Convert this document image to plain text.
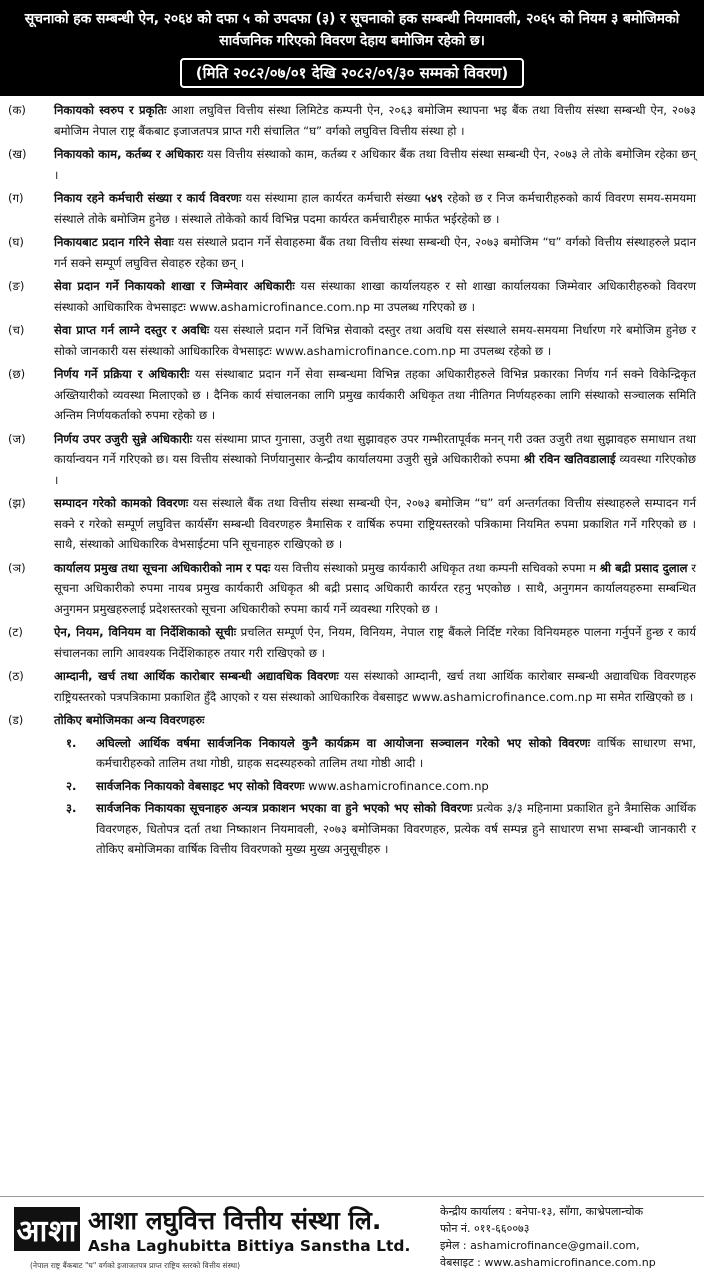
सूचनाको हक सम्बन्धी ऐन, २०६४ को दफा ५ को उपदफा (३) र सूचनाको हक सम्बन्धी नियमावली, २०६५ को नियम ३ बमोजिमको सार्वजनिक गरिएको विवरण देहाय बमोजिम रहेको छ।
(मिति २०८२/०७/०१ देखि २०८२/०९/३० सम्मको विवरण)
(क)	निकायको स्वरुप र प्रकृतिः आशा लघुवित्त वित्तीय संस्था लिमिटेड कम्पनी ऐन, २०६३ बमोजिम स्थापना भइ बैंक तथा वित्तीय संस्था सम्बन्धी ऐन, २०७३ बमोजिम नेपाल राष्ट्र बैंकबाट इजाजतपत्र प्राप्त गरी संचालित “घ” वर्गको लघुवित्त वित्तीय संस्था हो ।
(ख)	निकायको काम, कर्तब्य र अधिकारः यस वित्तीय संस्थाको काम, कर्तब्य र अधिकार बैंक तथा वित्तीय संस्था सम्बन्धी ऐन, २०७३ ले तोके बमोजिम रहेका छन् ।
(ग)	निकाय रहने कर्मचारी संख्या र कार्य विवरणः यस संस्थामा हाल कार्यरत कर्मचारी संख्या ५४९ रहेको छ र निज कर्मचारीहरुको कार्य विवरण समय-समयमा संस्थाले तोके बमोजिम हुनेछ । संस्थाले तोकेको कार्य विभिन्न पदमा कार्यरत कर्मचारीहरु मार्फत भईरहेको छ ।
(घ)	निकायबाट प्रदान गरिने सेवाः यस संस्थाले प्रदान गर्ने सेवाहरुमा बैंक तथा वित्तीय संस्था सम्बन्धी ऐन, २०७३ बमोजिम “घ” वर्गको वित्तीय संस्थाहरुले प्रदान गर्न सक्ने सम्पूर्ण लघुवित्त सेवाहरु रहेका छन् ।
(ङ)	सेवा प्रदान गर्ने निकायको शाखा र जिम्मेवार अधिकारीः यस संस्थाका शाखा कार्यालयहरु र सो शाखा कार्यालयका जिम्मेवार अधिकारीहरुको विवरण संस्थाको आधिकारिक वेभसाइटः www.ashamicrofinance.com.np मा उपलब्ध गरिएको छ ।
(च)	सेवा प्राप्त गर्न लाग्ने दस्तुर र अवधिः यस संस्थाले प्रदान गर्ने विभिन्न सेवाको दस्तुर तथा अवधि यस संस्थाले समय-समयमा निर्धारण गरे बमोजिम हुनेछ र सोको जानकारी यस संस्थाको आधिकारिक वेभसाइटः www.ashamicrofinance.com.np मा उपलब्ध रहेको छ ।
(छ)	निर्णय गर्ने प्रक्रिया र अधिकारीः यस संस्थाबाट प्रदान गर्ने सेवा सम्बन्धमा विभिन्न तहका अधिकारीहरुले विभिन्न प्रकारका निर्णय गर्न सक्ने विकेन्द्रिकृत अख्तियारीको व्यवस्था मिलाएको छ । दैनिक कार्य संचालनका लागि प्रमुख कार्यकारी अधिकृत तथा नीतिगत निर्णयहरुका लागि संस्थाको सञ्चालक समिति अन्तिम निर्णयकर्ताको रुपमा रहेको छ ।
(ज)	निर्णय उपर उजुरी सुन्ने अधिकारीः यस संस्थामा प्राप्त गुनासा, उजुरी तथा सुझावहरु उपर गम्भीरतापूर्वक मनन् गरी उक्त उजुरी तथा सुझावहरु समाधान तथा कार्यान्वयन गर्ने गरिएको छ। यस वित्तीय संस्थाको निर्णयानुसार केन्द्रीय कार्यालयमा उजुरी सुन्ने अधिकारीको रुपमा श्री रविन खतिवडालाई व्यवस्था गरिएकोछ ।
(झ)	सम्पादन गरेको कामको विवरणः यस संस्थाले बैंक तथा वित्तीय संस्था सम्बन्धी ऐन, २०७३ बमोजिम “घ” वर्ग अन्तर्गतका वित्तीय संस्थाहरुले सम्पादन गर्न सक्ने र गरेको सम्पूर्ण लघुवित्त कार्यसँग सम्बन्धी विवरणहरु त्रैमासिक र वार्षिक रुपमा राष्ट्रियस्तरको पत्रिकामा नियमित रुपमा प्रकाशित गर्ने गरिएको छ । साथै, संस्थाको आधिकारिक वेभसाईटमा पनि सूचनाहरु राखिएको छ ।
(ञ)	कार्यालय प्रमुख तथा सूचना अधिकारीको नाम र पदः यस वित्तीय संस्थाको प्रमुख कार्यकारी अधिकृत तथा कम्पनी सचिवको रुपमा म श्री बद्री प्रसाद दुलाल र सूचना अधिकारीको रुपमा नायब प्रमुख कार्यकारी अधिकृत श्री बद्री प्रसाद अधिकारी कार्यरत रहनु भएकोछ । साथै, अनुगमन कार्यालयहरुमा सम्बन्धित अनुगमन प्रमुखहरुलाई प्रदेशस्तरको सूचना अधिकारीको रुपमा कार्य गर्ने व्यवस्था गरिएको छ ।
(ट)	ऐन, नियम, विनियम वा निर्देशिकाको सूचीः प्रचलित सम्पूर्ण ऐन, नियम, विनियम, नेपाल राष्ट्र बैंकले निर्दिष्ट गरेका विनियमहरु पालना गर्नुपर्ने हुन्छ र कार्य संचालनका लागि आवश्यक निर्देशिकाहरु तयार गरी राखिएको छ ।
(ठ)	आम्दानी, खर्च तथा आर्थिक कारोबार सम्बन्धी अद्यावधिक विवरणः यस संस्थाको आम्दानी, खर्च तथा आर्थिक कारोबार सम्बन्धी अद्यावधिक विवरणहरु राष्ट्रियस्तरको पत्रपत्रिकामा प्रकाशित हुँदै आएको र यस संस्थाको आधिकारिक वेबसाइट www.ashamicrofinance.com.np मा समेत राखिएको छ ।
(ड)	तोकिए बमोजिमका अन्य विवरणहरुः
१.	अघिल्लो आर्थिक वर्षमा सार्वजनिक निकायले कुनै कार्यक्रम वा आयोजना सञ्चालन गरेको भए सोको विवरणः वार्षिक साधारण सभा, कर्मचारीहरुको तालिम तथा गोष्ठी, ग्राहक सदस्यहरुको तालिम तथा गोष्ठी आदी ।
२.	सार्वजनिक निकायको वेबसाइट भए सोको विवरणः www.ashamicrofinance.com.np
३.	सार्वजनिक निकायका सूचनाहरु अन्यत्र प्रकाशन भएका वा हुने भएको भए सोको विवरणः प्रत्येक ३/३ महिनामा प्रकाशित हुने त्रैमासिक आर्थिक विवरणहरु, धितोपत्र दर्ता तथा निष्काशन नियमावली, २०७३ बमोजिमका विवरणहरु, प्रत्येक वर्ष सम्पन्न हुने साधारण सभा सम्बन्धी जानकारी र तोकिए बमोजिमका वार्षिक वित्तीय विवरणको मुख्य मुख्य अनुसूचीहरु ।
आशा आशा लघुवित्त वित्तीय संस्था लि.
Asha Laghubitta Bittiya Sanstha Ltd.
(नेपाल राष्ट्र बैंकबाट "घ" वर्गको इजाजतपत्र प्राप्त राष्ट्रिय स्तरको वित्तीय संस्था)
केन्द्रीय कार्यालय : बनेपा-१३, साँगा, काभ्रेपलान्चोक
फोन नं. ०११-६६००७३
इमेल : ashamicrofinance@gmail.com,
वेबसाइट : www.ashamicrofinance.com.np
